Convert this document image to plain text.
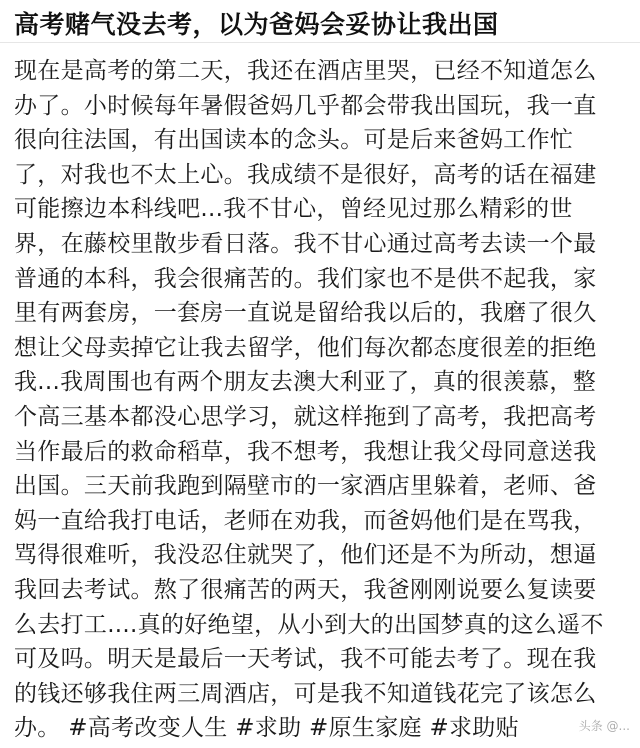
高考赌气没去考，以为爸妈会妥协让我出国
现在是高考的第二天，我还在酒店里哭，已经不知道怎么
办了。小时候每年暑假爸妈几乎都会带我出国玩，我一直
很向往法国，有出国读本的念头。可是后来爸妈工作忙
了，对我也不太上心。我成绩不是很好，高考的话在福建
可能擦边本科线吧...我不甘心，曾经见过那么精彩的世
界，在藤校里散步看日落。我不甘心通过高考去读一个最
普通的本科，我会很痛苦的。我们家也不是供不起我，家
里有两套房，一套房一直说是留给我以后的，我磨了很久
想让父母卖掉它让我去留学，他们每次都态度很差的拒绝
我...我周围也有两个朋友去澳大利亚了，真的很羡慕，整
个高三基本都没心思学习，就这样拖到了高考，我把高考
当作最后的救命稻草，我不想考，我想让我父母同意送我
出国。三天前我跑到隔壁市的一家酒店里躲着，老师、爸
妈一直给我打电话，老师在劝我，而爸妈他们是在骂我，
骂得很难听，我没忍住就哭了，他们还是不为所动，想逼
我回去考试。熬了很痛苦的两天，我爸刚刚说要么复读要
么去打工....真的好绝望，从小到大的出国梦真的这么遥不
可及吗。明天是最后一天考试，我不可能去考了。现在我
的钱还够我住两三周酒店，可是我不知道钱花完了该怎么
办。 #高考改变人生 #求助 #原生家庭 #求助贴	头条 @...
